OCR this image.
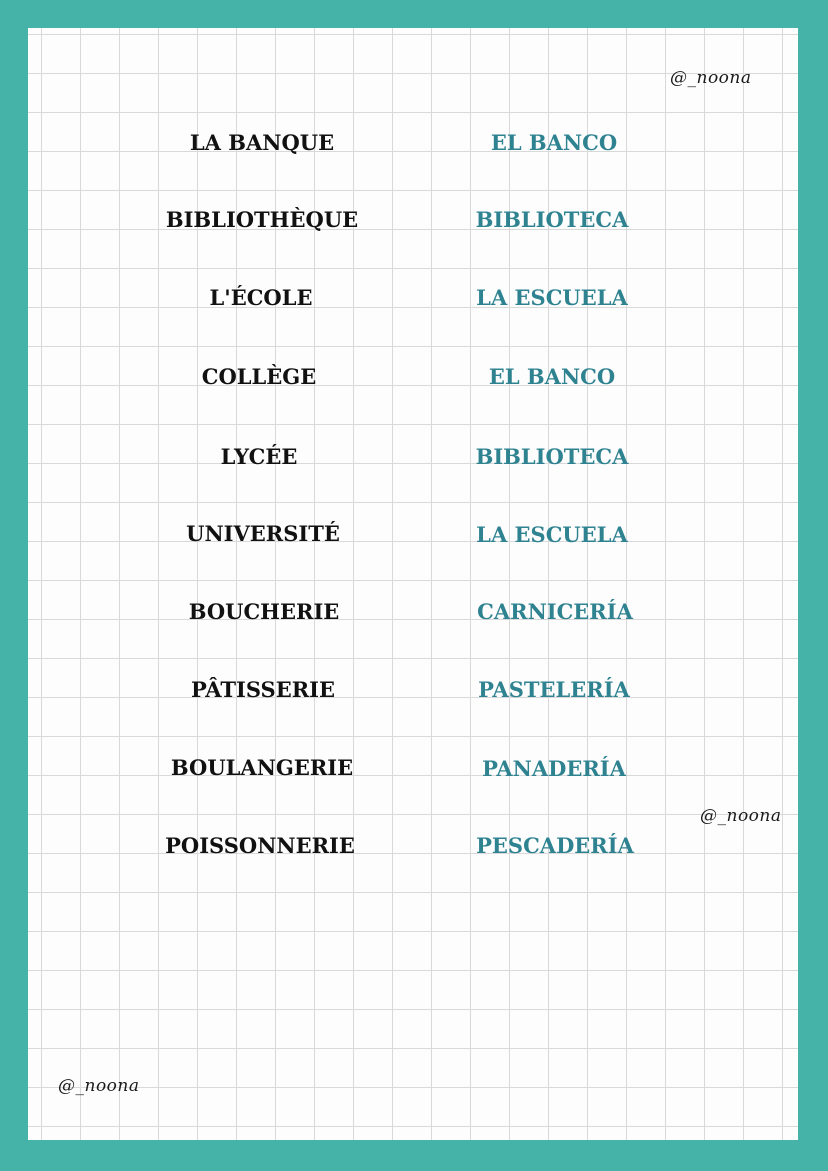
@_noona
@_noona
@_noona
LA BANQUE	EL BANCO
BIBLIOTHÈQUE	BIBLIOTECA
L'ÉCOLE	LA ESCUELA
COLLÈGE	EL BANCO
LYCÉE	BIBLIOTECA
UNIVERSITÉ	LA ESCUELA
BOUCHERIE	CARNICERÍA
PÂTISSERIE	PASTELERÍA
BOULANGERIE	PANADERÍA
POISSONNERIE	PESCADERÍA
